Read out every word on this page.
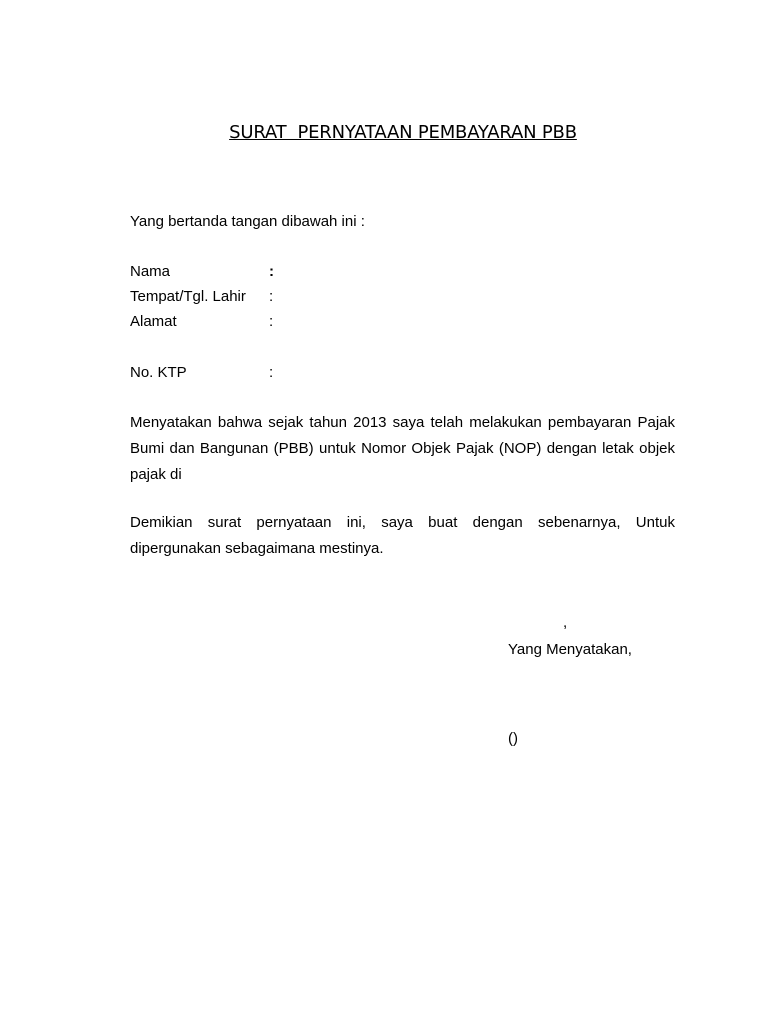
SURAT  PERNYATAAN PEMBAYARAN PBB
Yang bertanda tangan dibawah ini :
Nama	:
Tempat/Tgl. Lahir :
Alamat	:
No. KTP	:
Menyatakan bahwa sejak tahun 2013 saya telah melakukan pembayaran Pajak Bumi dan Bangunan (PBB) untuk Nomor Objek Pajak (NOP) dengan letak objek pajak di
Demikian surat pernyataan ini, saya buat dengan sebenarnya, Untuk dipergunakan sebagaimana mestinya.
,
Yang Menyatakan,
()
